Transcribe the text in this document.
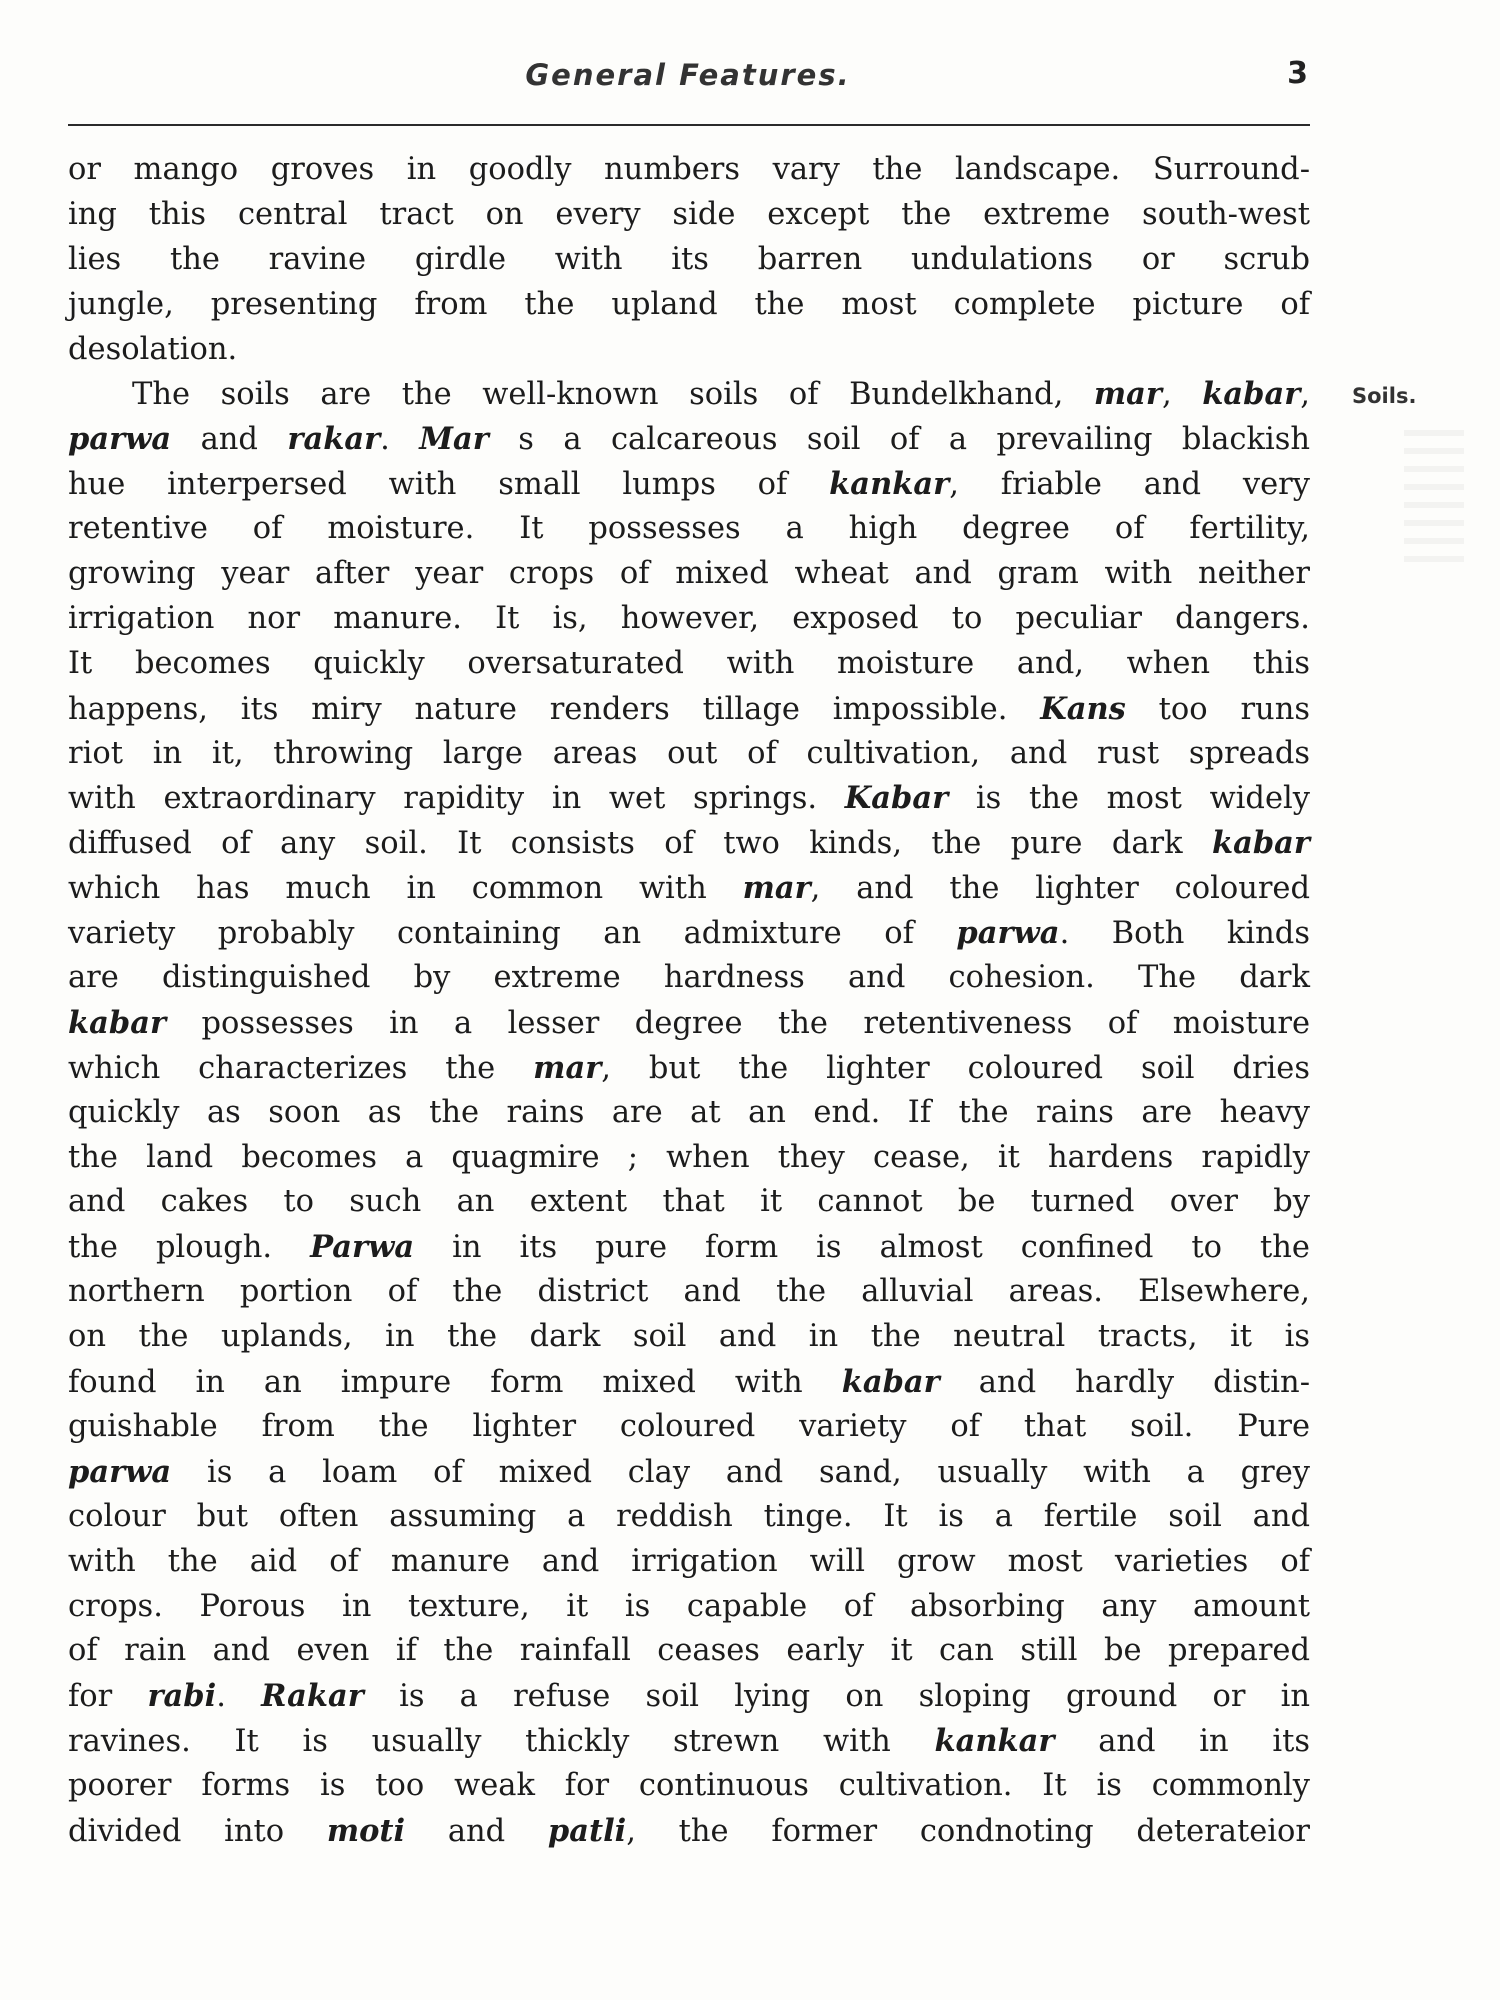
General Features.	3
Soils.
or mango groves in goodly numbers vary the landscape. Surround-
ing this central tract on every side except the extreme south-west
lies the ravine girdle with its barren undulations or scrub
jungle, presenting from the upland the most complete picture of
desolation.
The soils are the well-known soils of Bundelkhand, mar, kabar,
parwa and rakar. Mar s a calcareous soil of a prevailing blackish
hue interpersed with small lumps of kankar, friable and very
retentive of moisture. It possesses a high degree of fertility,
growing year after year crops of mixed wheat and gram with neither
irrigation nor manure. It is, however, exposed to peculiar dangers.
It becomes quickly oversaturated with moisture and, when this
happens, its miry nature renders tillage impossible. Kans too runs
riot in it, throwing large areas out of cultivation, and rust spreads
with extraordinary rapidity in wet springs. Kabar is the most widely
diffused of any soil. It consists of two kinds, the pure dark kabar
which has much in common with mar, and the lighter coloured
variety probably containing an admixture of parwa. Both kinds
are distinguished by extreme hardness and cohesion. The dark
kabar possesses in a lesser degree the retentiveness of moisture
which characterizes the mar, but the lighter coloured soil dries
quickly as soon as the rains are at an end. If the rains are heavy
the land becomes a quagmire ; when they cease, it hardens rapidly
and cakes to such an extent that it cannot be turned over by
the plough. Parwa in its pure form is almost confined to the
northern portion of the district and the alluvial areas. Elsewhere,
on the uplands, in the dark soil and in the neutral tracts, it is
found in an impure form mixed with kabar and hardly distin-
guishable from the lighter coloured variety of that soil. Pure
parwa is a loam of mixed clay and sand, usually with a grey
colour but often assuming a reddish tinge. It is a fertile soil and
with the aid of manure and irrigation will grow most varieties of
crops. Porous in texture, it is capable of absorbing any amount
of rain and even if the rainfall ceases early it can still be prepared
for rabi. Rakar is a refuse soil lying on sloping ground or in
ravines. It is usually thickly strewn with kankar and in its
poorer forms is too weak for continuous cultivation. It is commonly
divided into moti and patli, the former condnoting deterateior
